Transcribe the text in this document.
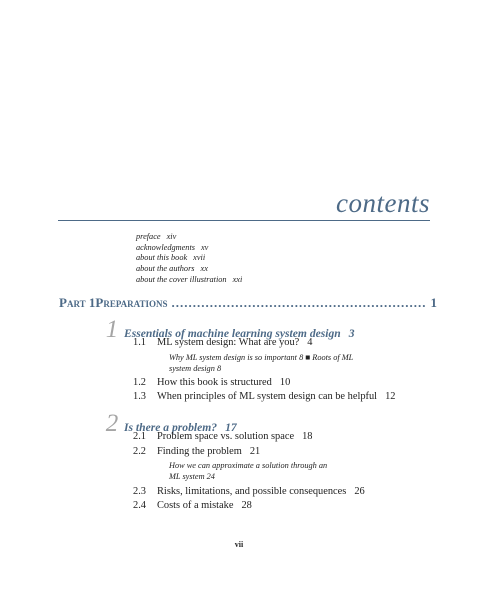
contents
preface xiv
acknowledgments xv
about this book xvii
about the authors xx
about the cover illustration xxi
Part 1 Preparations ............................................................ 1
1 Essentials of machine learning system design 3
1.1 ML system design: What are you? 4
Why ML system design is so important 8 ■ Roots of ML
system design 8
1.2 How this book is structured 10
1.3 When principles of ML system design can be helpful 12
2 Is there a problem? 17
2.1 Problem space vs. solution space 18
2.2 Finding the problem 21
How we can approximate a solution through an
ML system 24
2.3 Risks, limitations, and possible consequences 26
2.4 Costs of a mistake 28
vii
